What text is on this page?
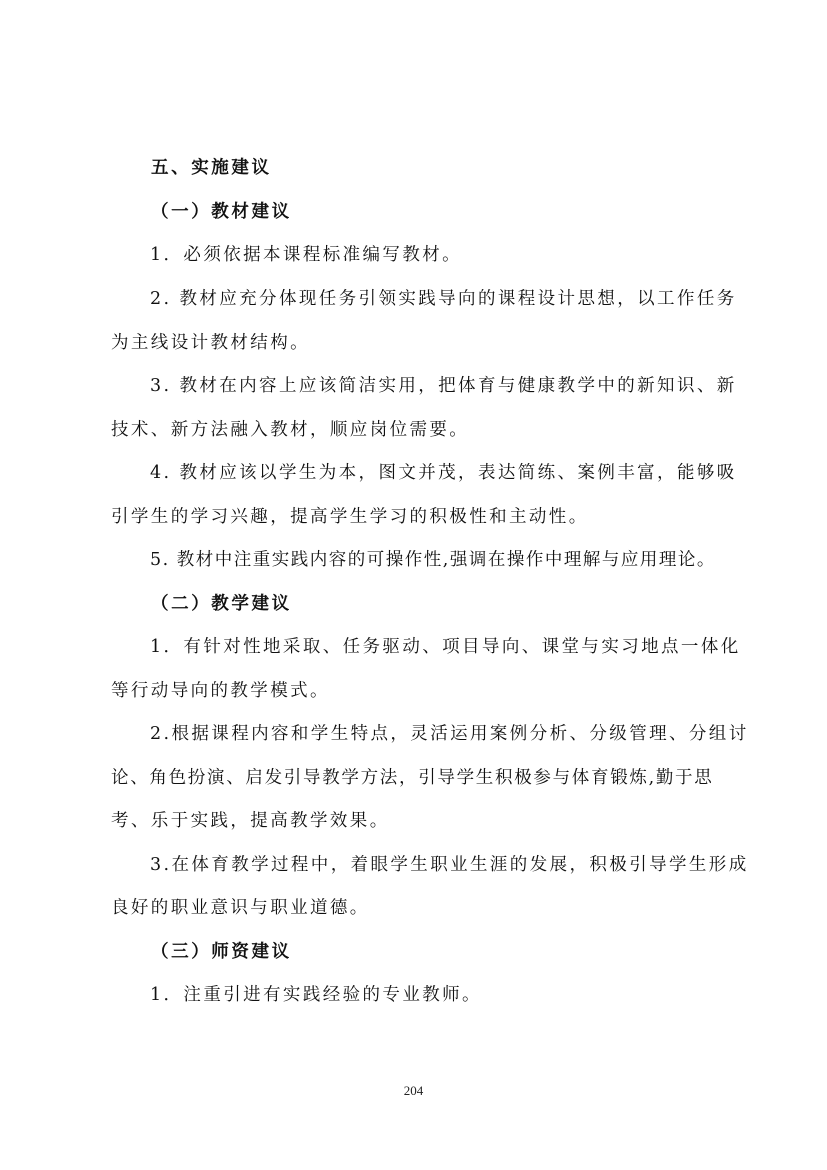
五、实施建议
（一）教材建议
1．必须依据本课程标准编写教材。
2. 教材应充分体现任务引领实践导向的课程设计思想，以工作任务
为主线设计教材结构。
3. 教材在内容上应该简洁实用，把体育与健康教学中的新知识、新
技术、新方法融入教材，顺应岗位需要。
4. 教材应该以学生为本，图文并茂，表达简练、案例丰富，能够吸
引学生的学习兴趣，提高学生学习的积极性和主动性。
5. 教材中注重实践内容的可操作性,强调在操作中理解与应用理论。
（二）教学建议
1．有针对性地采取、任务驱动、项目导向、课堂与实习地点一体化
等行动导向的教学模式。
2.根据课程内容和学生特点，灵活运用案例分析、分级管理、分组讨
论、角色扮演、启发引导教学方法，引导学生积极参与体育锻炼,勤于思
考、乐于实践，提高教学效果。
3.在体育教学过程中，着眼学生职业生涯的发展，积极引导学生形成
良好的职业意识与职业道德。
（三）师资建议
1．注重引进有实践经验的专业教师。
204
